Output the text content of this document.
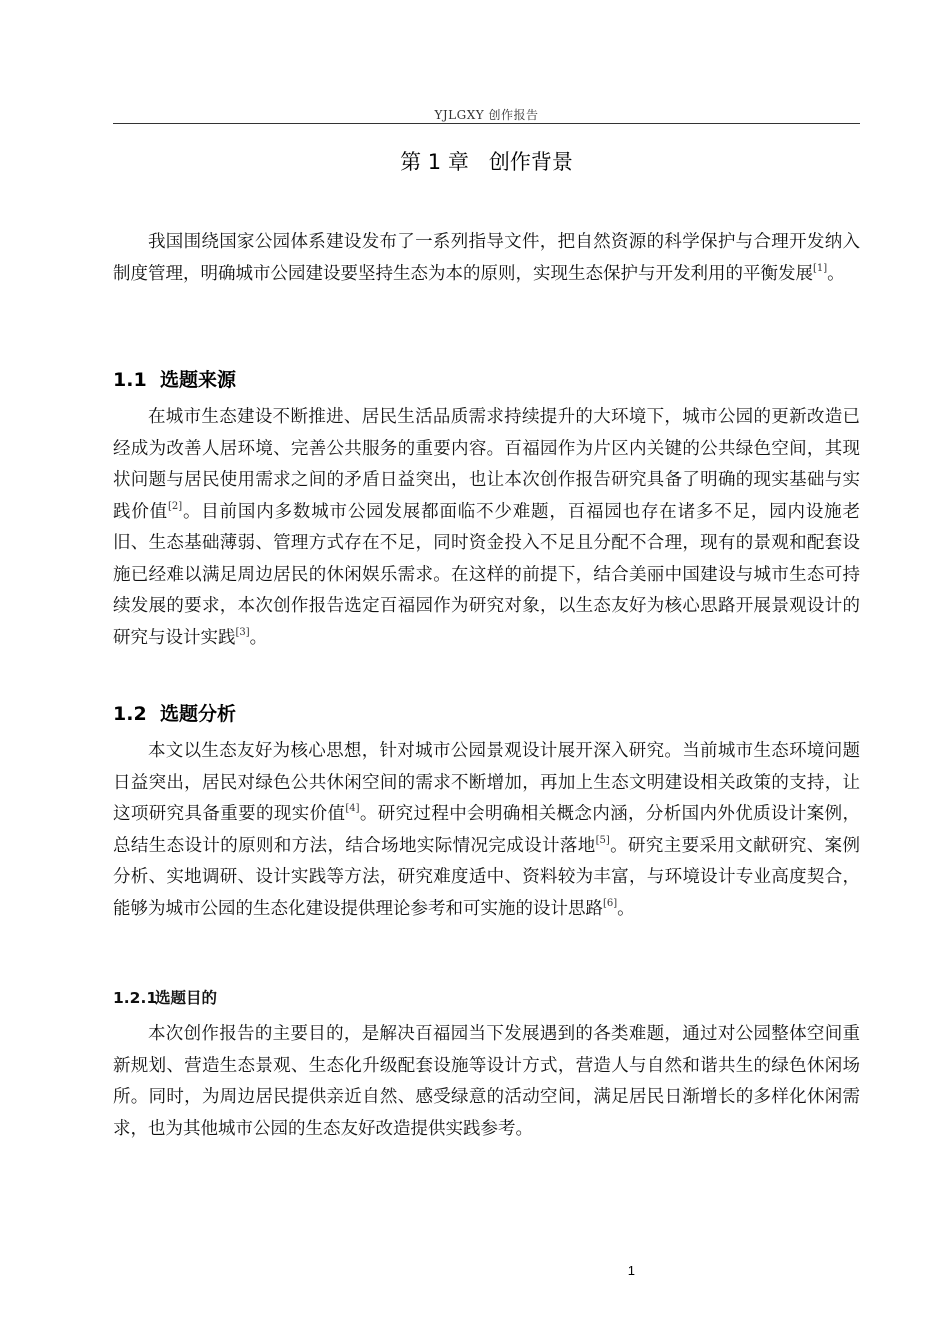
YJLGXY 创作报告
第 1 章 创作背景

我国围绕国家公园体系建设发布了一系列指导文件，把自然资源的科学保护与合理开发纳入制度管理，明确城市公园建设要坚持生态为本的原则，实现生态保护与开发利用的平衡发展[1]。

1.1 选题来源

在城市生态建设不断推进、居民生活品质需求持续提升的大环境下，城市公园的更新改造已经成为改善人居环境、完善公共服务的重要内容。百福园作为片区内关键的公共绿色空间，其现状问题与居民使用需求之间的矛盾日益突出，也让本次创作报告研究具备了明确的现实基础与实践价值[2]。目前国内多数城市公园发展都面临不少难题，百福园也存在诸多不足，园内设施老旧、生态基础薄弱、管理方式存在不足，同时资金投入不足且分配不合理，现有的景观和配套设施已经难以满足周边居民的休闲娱乐需求。在这样的前提下，结合美丽中国建设与城市生态可持续发展的要求，本次创作报告选定百福园作为研究对象，以生态友好为核心思路开展景观设计的研究与设计实践[3]。

1.2 选题分析

本文以生态友好为核心思想，针对城市公园景观设计展开深入研究。当前城市生态环境问题日益突出，居民对绿色公共休闲空间的需求不断增加，再加上生态文明建设相关政策的支持，让这项研究具备重要的现实价值[4]。研究过程中会明确相关概念内涵，分析国内外优质设计案例，总结生态设计的原则和方法，结合场地实际情况完成设计落地[5]。研究主要采用文献研究、案例分析、实地调研、设计实践等方法，研究难度适中、资料较为丰富，与环境设计专业高度契合，能够为城市公园的生态化建设提供理论参考和可实施的设计思路[6]。

1.2.1选题目的

本次创作报告的主要目的，是解决百福园当下发展遇到的各类难题，通过对公园整体空间重新规划、营造生态景观、生态化升级配套设施等设计方式，营造人与自然和谐共生的绿色休闲场所。同时，为周边居民提供亲近自然、感受绿意的活动空间，满足居民日渐增长的多样化休闲需求，也为其他城市公园的生态友好改造提供实践参考。

1
